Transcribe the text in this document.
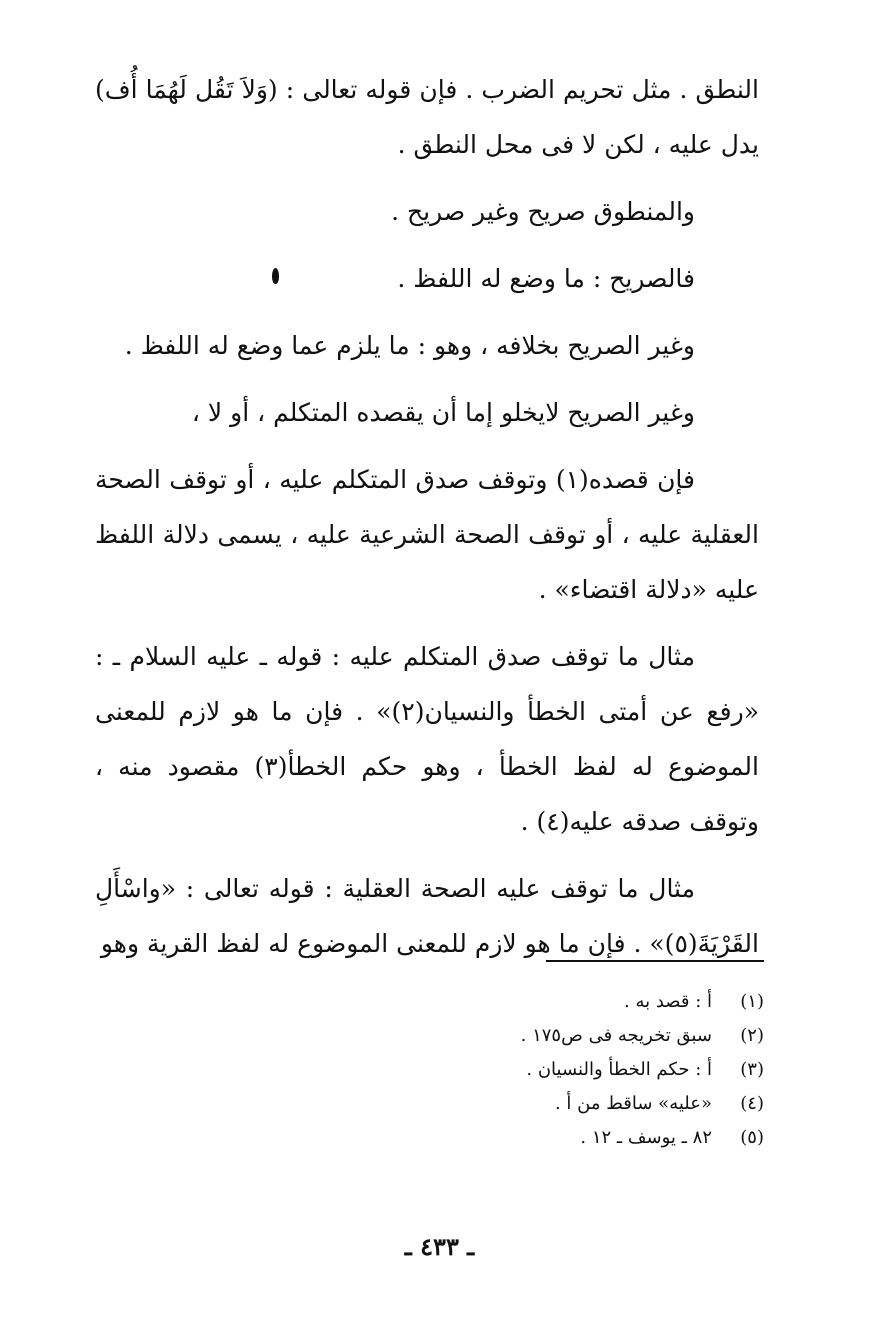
النطق . مثل تحريم الضرب . فإن قوله تعالى : (وَلاَ تَقُل لَهُمَا أُف) يدل عليه ، لكن لا فى محل النطق .

والمنطوق صريح وغير صريح .

فالصريح : ما وضع له اللفظ .

وغير الصريح بخلافه ، وهو : ما يلزم عما وضع له اللفظ .

وغير الصريح لايخلو إما أن يقصده المتكلم ، أو لا ،

فإن قصده(١) وتوقف صدق المتكلم عليه ، أو توقف الصحة العقلية عليه ، أو توقف الصحة الشرعية عليه ، يسمى دلالة اللفظ عليه «دلالة اقتضاء» .

مثال ما توقف صدق المتكلم عليه : قوله ـ عليه السلام ـ : «رفع عن أمتى الخطأ والنسيان(٢)» . فإن ما هو لازم للمعنى الموضوع له لفظ الخطأ ، وهو حكم الخطأ(٣) مقصود منه ، وتوقف صدقه عليه(٤) .

مثال ما توقف عليه الصحة العقلية : قوله تعالى : «واسْأَلِ القَرْيَةَ(٥)» . فإن ما هو لازم للمعنى الموضوع له لفظ القرية وهو

(١)
أ : قصد به .
(٢)
سبق تخريجه فى ص١٧٥ .
(٣)
أ : حكم الخطأ والنسيان .
(٤)
«عليه» ساقط من أ .
(٥)
٨٢ ـ يوسف ـ ١٢ .
ـ ٤٣٣ ـ
